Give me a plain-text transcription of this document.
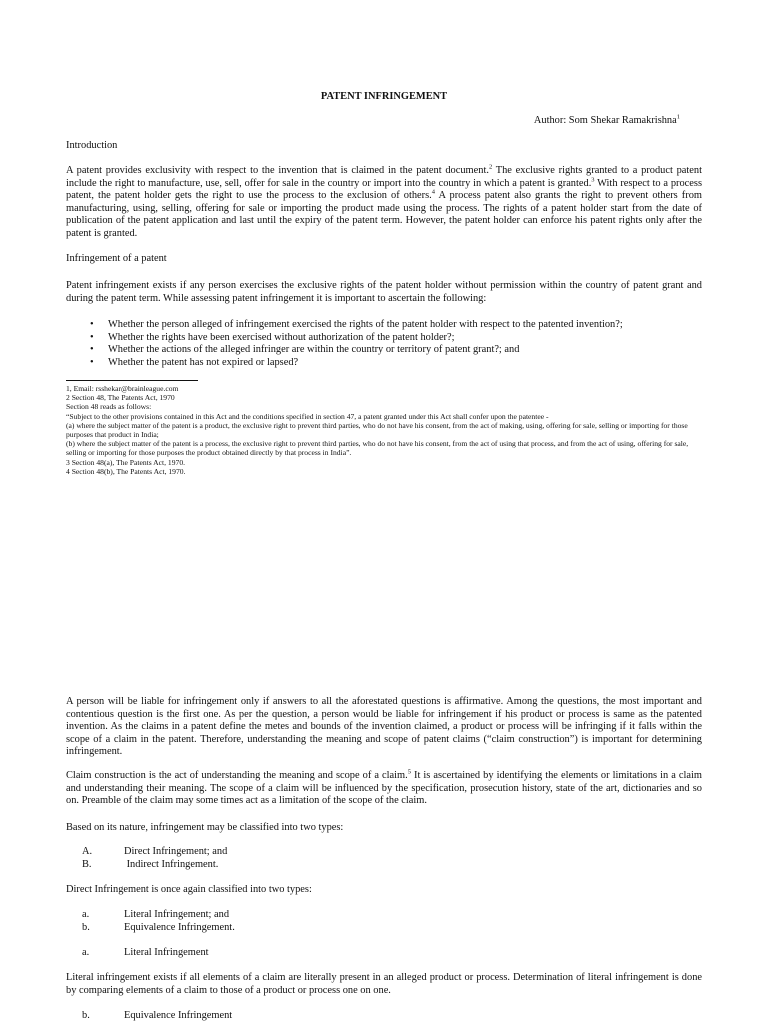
PATENT INFRINGEMENT

Author: Som Shekar Ramakrishna$^1$

Introduction

A patent provides exclusivity with respect to the invention that is claimed in the patent document.$^2$ The exclusive rights granted to a product patent include the right to manufacture, use, sell, offer for sale in the country or import into the country in which a patent is granted.$^3$ With respect to a process patent, the patent holder gets the right to use the process to the exclusion of others.$^4$ A process patent also grants the right to prevent others from manufacturing, using, selling, offering for sale or importing the product made using the process. The rights of a patent holder start from the date of publication of the patent application and last until the expiry of the patent term. However, the patent holder can enforce his patent rights only after the patent is granted.

Infringement of a patent

Patent infringement exists if any person exercises the exclusive rights of the patent holder without permission within the country of patent grant and during the patent term. While assessing patent infringement it is important to ascertain the following:

• Whether the person alleged of infringement exercised the rights of the patent holder with respect to the patented invention?;
• Whether the rights have been exercised without authorization of the patent holder?;
• Whether the actions of the alleged infringer are within the country or territory of patent grant?; and
• Whether the patent has not expired or lapsed?

1, Email: rsshekar@brainleague.com

2 Section 48, The Patents Act, 1970

Section 48 reads as follows:

“Subject to the other provisions contained in this Act and the conditions specified in section 47, a patent granted under this Act shall confer upon the patentee -

(a) where the subject matter of the patent is a product, the exclusive right to prevent third parties, who do not have his consent, from the act of making, using, offering for sale, selling or importing for those purposes that product in India;

(b) where the subject matter of the patent is a process, the exclusive right to prevent third parties, who do not have his consent, from the act of using that process, and from the act of using, offering for sale, selling or importing for those purposes the product obtained directly by that process in India”.

3 Section 48(a), The Patents Act, 1970.

4 Section 48(b), The Patents Act, 1970.

A person will be liable for infringement only if answers to all the aforestated questions is affirmative. Among the questions, the most important and contentious question is the first one. As per the question, a person would be liable for infringement if his product or process is same as the patented invention. As the claims in a patent define the metes and bounds of the invention claimed, a product or process will be infringing if it falls within the scope of a claim in the patent. Therefore, understanding the meaning and scope of patent claims (“claim construction”) is important for determining infringement.

Claim construction is the act of understanding the meaning and scope of a claim.$^5$ It is ascertained by identifying the elements or limitations in a claim and understanding their meaning. The scope of a claim will be influenced by the specification, prosecution history, state of the art, dictionaries and so on. Preamble of the claim may some times act as a limitation of the scope of the claim.

Based on its nature, infringement may be classified into two types:

A.	Direct Infringement; and

B.	Indirect Infringement.

Direct Infringement is once again classified into two types:

a.	Literal Infringement; and

b.	Equivalence Infringement.

a.	Literal Infringement

Literal infringement exists if all elements of a claim are literally present in an alleged product or process. Determination of literal infringement is done by comparing elements of a claim to those of a product or process one on one.

b.	Equivalence Infringement
